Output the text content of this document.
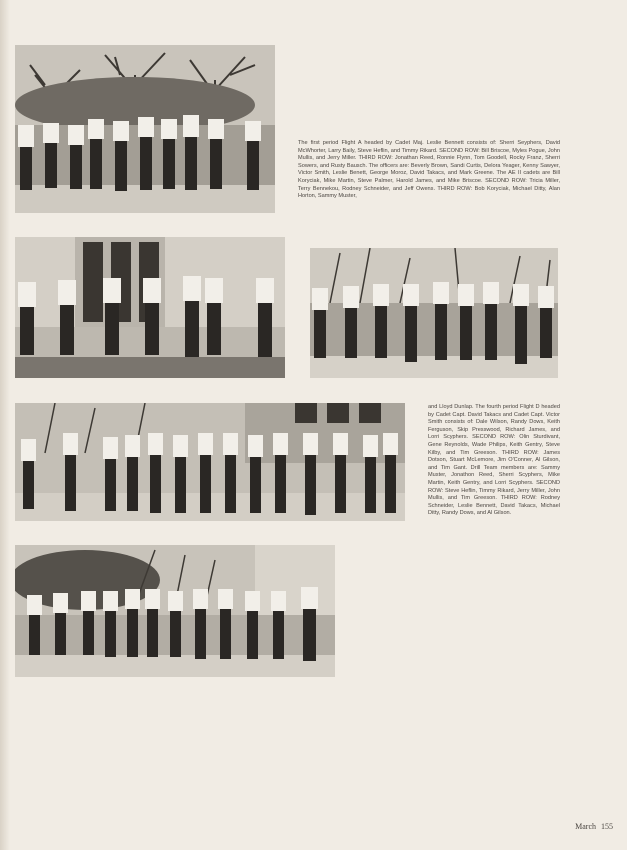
The first period Flight A headed by Cadet Maj. Leslie Bennett consists of: Sherri Seyphers, David McWhorter, Larry Baily, Steve Heflin, and Timmy Rikard. SECOND ROW: Bill Briscoe, Myles Pogue, John Mullis, and Jerry Miller. THIRD ROW: Jonathan Reed, Ronnie Flynn, Tom Goodell, Rocky Franz, Sherri Sowers, and Rusty Bausch. The officers are: Beverly Brown, Sandi Curtis, Delora Yeager, Kenny Sawyer, Victor Smith, Leslie Benett, George Moroz, David Takacs, and Mark Greene. The AE II cadets are Bill Koryciak, Mike Martin, Steve Palmer, Harold James, and Mike Briscoe. SECOND ROW: Tricia Miller, Terry Bennekou, Rodney Schneider, and Jeff Owens. THIRD ROW: Bob Koryciak, Michael Ditty, Alan Horton, Sammy Muster,

and Lloyd Dunlap. The fourth period Flight D headed by Cadet Capt. David Takacs and Cadet Capt. Victor Smith consists of: Dale Wilson, Randy Dows, Keith Ferguson, Skip Presswood, Richard James, and Lorri Scyphers. SECOND ROW: Olin Sturdivant, Gene Reynolds, Wade Philips, Keith Gentry, Steve Kilby, and Tim Greeson. THIRD ROW: James Dotson, Stuart McLemore, Jim O'Conner, Al Gilson, and Tim Gant. Drill Team members are: Sammy Muster, Jonathon Reed, Sherri Scyphers, Mike Martin, Keith Gentry, and Lorri Scyphers. SECOND ROW: Steve Heflin, Timmy Rikard, Jerry Miller, John Mullis, and Tim Greeson. THIRD ROW: Rodney Schneider, Leslie Bennett, David Takacs, Michael Ditty, Randy Dows, and Al Gilson.

March 155
